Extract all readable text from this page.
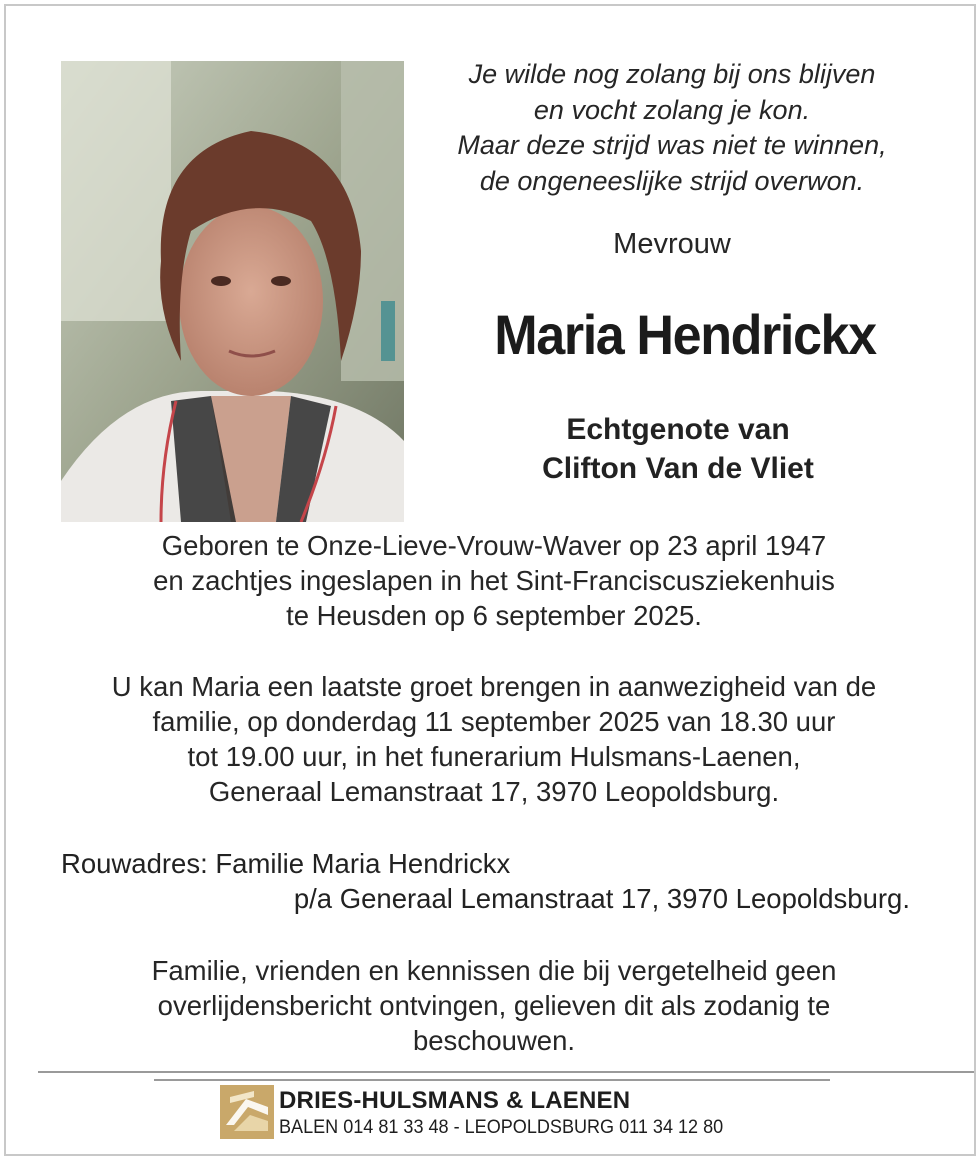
Je wilde nog zolang bij ons blijven
en vocht zolang je kon.
Maar deze strijd was niet te winnen,
de ongeneeslijke strijd overwon.
Mevrouw
Maria Hendrickx
Echtgenote van
Clifton Van de Vliet
Geboren te Onze-Lieve-Vrouw-Waver op 23 april 1947
en zachtjes ingeslapen in het Sint-Franciscusziekenhuis
te Heusden op 6 september 2025.
U kan Maria een laatste groet brengen in aanwezigheid van de
familie, op donderdag 11 september 2025 van 18.30 uur
tot 19.00 uur, in het funerarium Hulsmans-Laenen,
Generaal Lemanstraat 17, 3970 Leopoldsburg.
Rouwadres: Familie Maria Hendrickx
p/a Generaal Lemanstraat 17, 3970 Leopoldsburg.
Familie, vrienden en kennissen die bij vergetelheid geen
overlijdensbericht ontvingen, gelieven dit als zodanig te
beschouwen.
DRIES-HULSMANS & LAENEN
BALEN 014 81 33 48 - LEOPOLDSBURG 011 34 12 80
